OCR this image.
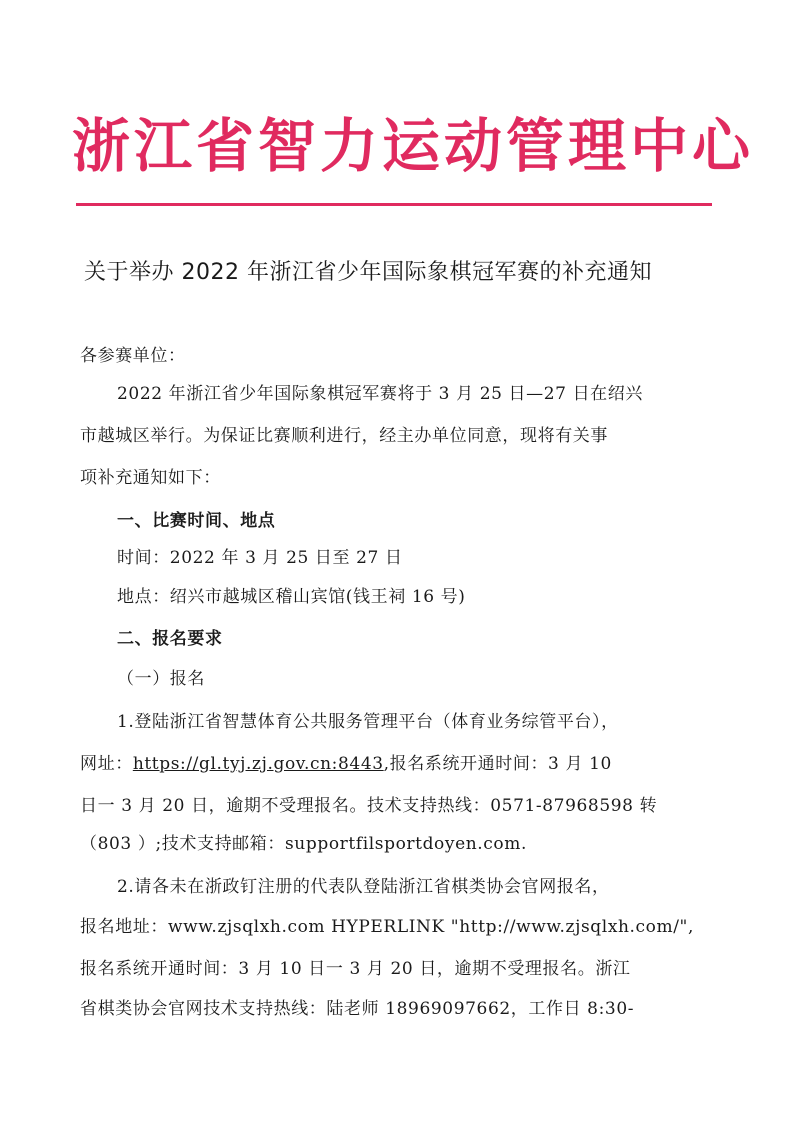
浙江省智力运动管理中心
关于举办 2022 年浙江省少年国际象棋冠军赛的补充通知
各参赛单位：
2022 年浙江省少年国际象棋冠军赛将于 3 月 25 日—27 日在绍兴
市越城区举行。为保证比赛顺利进行，经主办单位同意，现将有关事
项补充通知如下：
一、比赛时间、地点
时间：2022 年 3 月 25 日至 27 日
地点：绍兴市越城区稽山宾馆(钱王祠 16 号)
二、报名要求
（一）报名
1.登陆浙江省智慧体育公共服务管理平台（体育业务综管平台），
网址：https://gl.tyj.zj.gov.cn:8443,报名系统开通时间：3 月 10
日一 3 月 20 日，逾期不受理报名。技术支持热线：0571-87968598 转
（803 ）;技术支持邮箱：supportfilsportdoyen.com.
2.请各未在浙政钉注册的代表队登陆浙江省棋类协会官网报名，
报名地址：www.zjsqlxh.com HYPERLINK "http://www.zjsqlxh.com/",
报名系统开通时间：3 月 10 日一 3 月 20 日，逾期不受理报名。浙江
省棋类协会官网技术支持热线：陆老师 18969097662，工作日 8:30-
